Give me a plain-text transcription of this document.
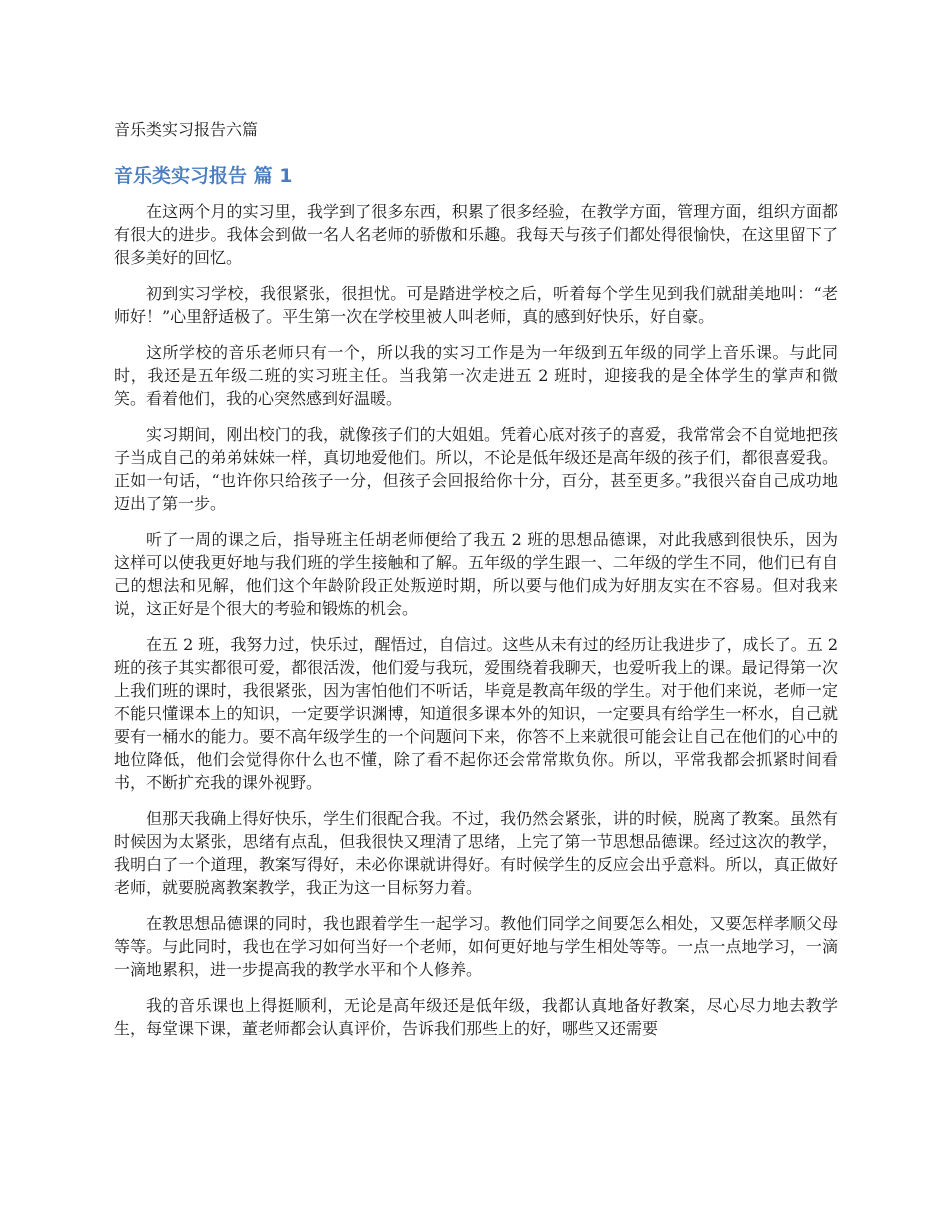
音乐类实习报告六篇
音乐类实习报告 篇 1

在这两个月的实习里，我学到了很多东西，积累了很多经验，在教学方面，管理方面，组织方面都有很大的进步。我体会到做一名人名老师的骄傲和乐趣。我每天与孩子们都处得很愉快，在这里留下了很多美好的回忆。

初到实习学校，我很紧张，很担忧。可是踏进学校之后，听着每个学生见到我们就甜美地叫：“老师好！”心里舒适极了。平生第一次在学校里被人叫老师，真的感到好快乐，好自豪。

这所学校的音乐老师只有一个，所以我的实习工作是为一年级到五年级的同学上音乐课。与此同时，我还是五年级二班的实习班主任。当我第一次走进五 2 班时，迎接我的是全体学生的掌声和微笑。看着他们，我的心突然感到好温暖。

实习期间，刚出校门的我，就像孩子们的大姐姐。凭着心底对孩子的喜爱，我常常会不自觉地把孩子当成自己的弟弟妹妹一样，真切地爱他们。所以，不论是低年级还是高年级的孩子们，都很喜爱我。正如一句话，“也许你只给孩子一分，但孩子会回报给你十分，百分，甚至更多。”我很兴奋自己成功地迈出了第一步。

听了一周的课之后，指导班主任胡老师便给了我五 2 班的思想品德课，对此我感到很快乐，因为这样可以使我更好地与我们班的学生接触和了解。五年级的学生跟一、二年级的学生不同，他们已有自己的想法和见解，他们这个年龄阶段正处叛逆时期，所以要与他们成为好朋友实在不容易。但对我来说，这正好是个很大的考验和锻炼的机会。

在五 2 班，我努力过，快乐过，醒悟过，自信过。这些从未有过的经历让我进步了，成长了。五 2 班的孩子其实都很可爱，都很活泼，他们爱与我玩，爱围绕着我聊天，也爱听我上的课。最记得第一次上我们班的课时，我很紧张，因为害怕他们不听话，毕竟是教高年级的学生。对于他们来说，老师一定不能只懂课本上的知识，一定要学识渊博，知道很多课本外的知识，一定要具有给学生一杯水，自己就要有一桶水的能力。要不高年级学生的一个问题问下来，你答不上来就很可能会让自己在他们的心中的地位降低，他们会觉得你什么也不懂，除了看不起你还会常常欺负你。所以，平常我都会抓紧时间看书，不断扩充我的课外视野。

但那天我确上得好快乐，学生们很配合我。不过，我仍然会紧张，讲的时候，脱离了教案。虽然有时候因为太紧张，思绪有点乱，但我很快又理清了思绪，上完了第一节思想品德课。经过这次的教学，我明白了一个道理，教案写得好，未必你课就讲得好。有时候学生的反应会出乎意料。所以，真正做好老师，就要脱离教案教学，我正为这一目标努力着。

在教思想品德课的同时，我也跟着学生一起学习。教他们同学之间要怎么相处，又要怎样孝顺父母等等。与此同时，我也在学习如何当好一个老师，如何更好地与学生相处等等。一点一点地学习，一滴一滴地累积，进一步提高我的教学水平和个人修养。

我的音乐课也上得挺顺利，无论是高年级还是低年级，我都认真地备好教案，尽心尽力地去教学生，每堂课下课，董老师都会认真评价，告诉我们那些上的好，哪些又还需要
